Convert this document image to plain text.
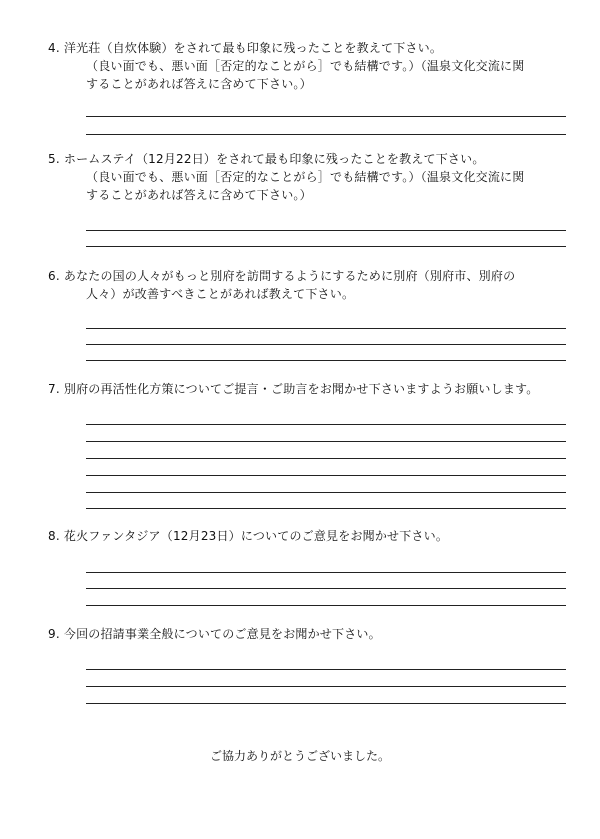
4. 洋光荘（自炊体験）をされて最も印象に残ったことを教えて下さい。
（良い面でも、悪い面［否定的なことがら］でも結構です。）（温泉文化交流に関
することがあれば答えに含めて下さい。）
5. ホームステイ（12月22日）をされて最も印象に残ったことを教えて下さい。
（良い面でも、悪い面［否定的なことがら］でも結構です。）（温泉文化交流に関
することがあれば答えに含めて下さい。）
6. あなたの国の人々がもっと別府を訪問するようにするために別府（別府市、別府の
人々）が改善すべきことがあれば教えて下さい。
7. 別府の再活性化方策についてご提言・ご助言をお聞かせ下さいますようお願いします。
8. 花火ファンタジア（12月23日）についてのご意見をお聞かせ下さい。
9. 今回の招請事業全般についてのご意見をお聞かせ下さい。
ご協力ありがとうございました。
